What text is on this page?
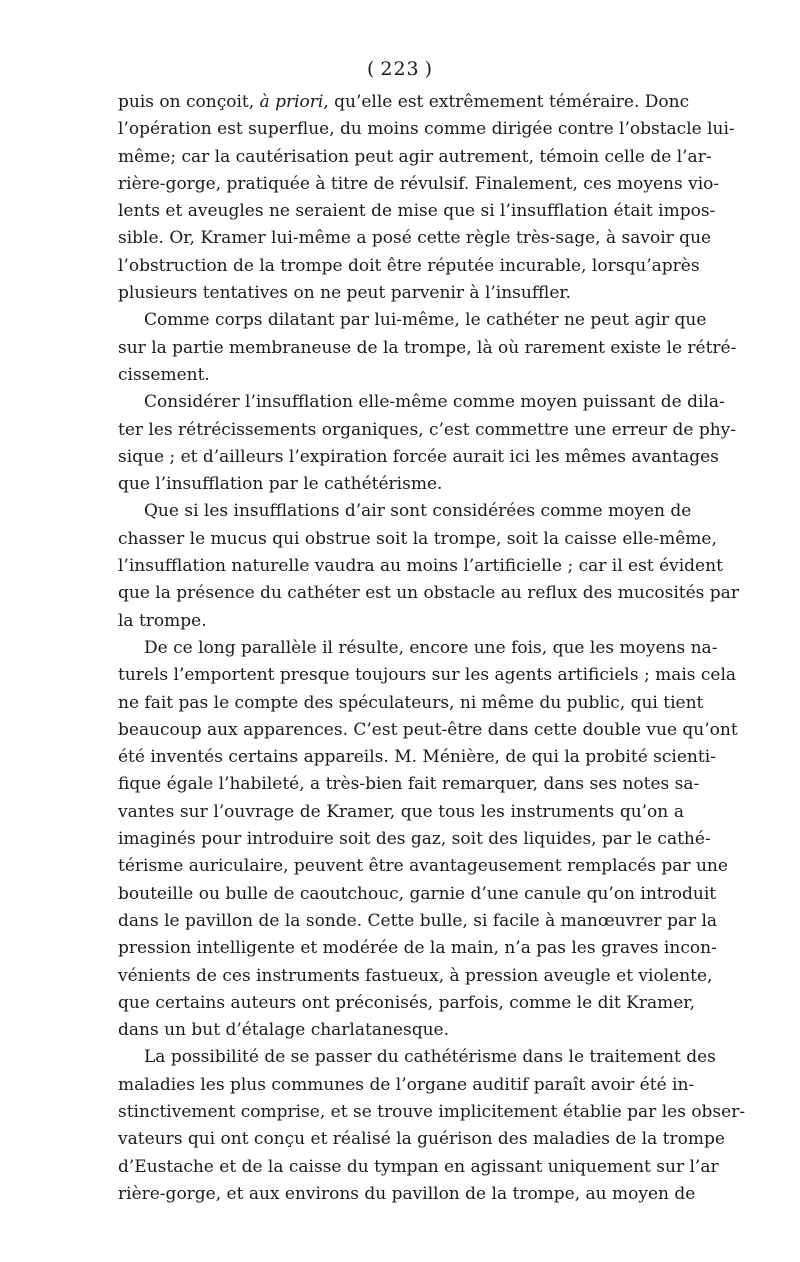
( 223 )
puis on conçoit, à priori, qu’elle est extrêmement téméraire. Donc
l’opération est superflue, du moins comme dirigée contre l’obstacle lui-
même; car la cautérisation peut agir autrement, témoin celle de l’ar-
rière-gorge, pratiquée à titre de révulsif. Finalement, ces moyens vio-
lents et aveugles ne seraient de mise que si l’insufflation était impos-
sible. Or, Kramer lui-même a posé cette règle très-sage, à savoir que
l’obstruction de la trompe doit être réputée incurable, lorsqu’après
plusieurs tentatives on ne peut parvenir à l’insuffler.
Comme corps dilatant par lui-même, le cathéter ne peut agir que
sur la partie membraneuse de la trompe, là où rarement existe le rétré-
cissement.
Considérer l’insufflation elle-même comme moyen puissant de dila-
ter les rétrécissements organiques, c’est commettre une erreur de phy-
sique ; et d’ailleurs l’expiration forcée aurait ici les mêmes avantages
que l’insufflation par le cathétérisme.
Que si les insufflations d’air sont considérées comme moyen de
chasser le mucus qui obstrue soit la trompe, soit la caisse elle-même,
l’insufflation naturelle vaudra au moins l’artificielle ; car il est évident
que la présence du cathéter est un obstacle au reflux des mucosités par
la trompe.
De ce long parallèle il résulte, encore une fois, que les moyens na-
turels l’emportent presque toujours sur les agents artificiels ; mais cela
ne fait pas le compte des spéculateurs, ni même du public, qui tient
beaucoup aux apparences. C’est peut-être dans cette double vue qu’ont
été inventés certains appareils. M. Ménière, de qui la probité scienti-
fique égale l’habileté, a très-bien fait remarquer, dans ses notes sa-
vantes sur l’ouvrage de Kramer, que tous les instruments qu’on a
imaginés pour introduire soit des gaz, soit des liquides, par le cathé-
térisme auriculaire, peuvent être avantageusement remplacés par une
bouteille ou bulle de caoutchouc, garnie d’une canule qu’on introduit
dans le pavillon de la sonde. Cette bulle, si facile à manœuvrer par la
pression intelligente et modérée de la main, n’a pas les graves incon-
vénients de ces instruments fastueux, à pression aveugle et violente,
que certains auteurs ont préconisés, parfois, comme le dit Kramer,
dans un but d’étalage charlatanesque.
La possibilité de se passer du cathétérisme dans le traitement des
maladies les plus communes de l’organe auditif paraît avoir été in-
stinctivement comprise, et se trouve implicitement établie par les obser-
vateurs qui ont conçu et réalisé la guérison des maladies de la trompe
d’Eustache et de la caisse du tympan en agissant uniquement sur l’ar
rière-gorge, et aux environs du pavillon de la trompe, au moyen de
